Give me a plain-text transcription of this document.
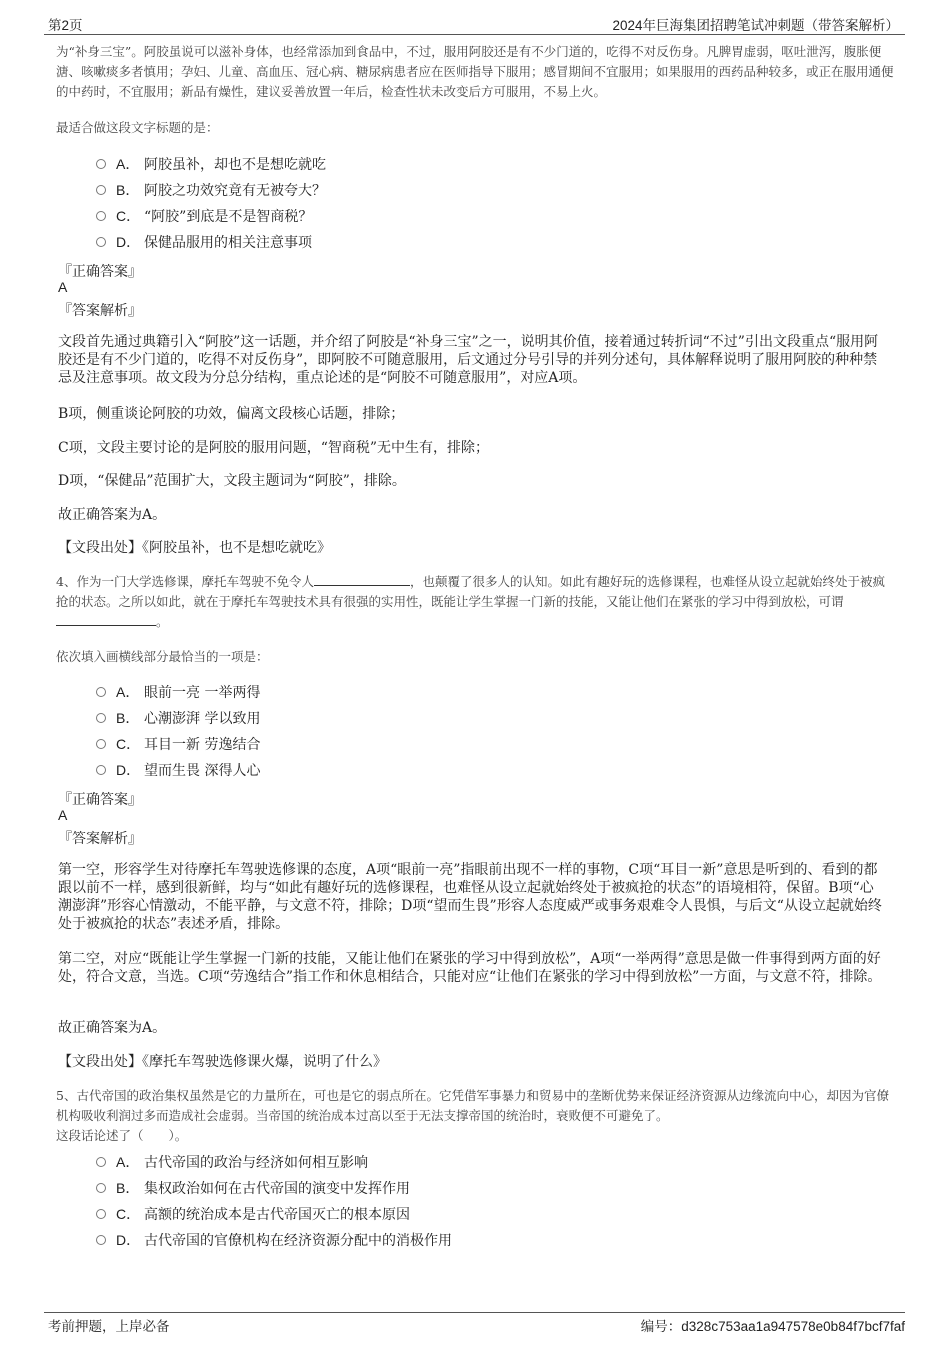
第2页	2024年巨海集团招聘笔试冲刺题（带答案解析）
为“补身三宝”。阿胶虽说可以滋补身体，也经常添加到食品中，不过，服用阿胶还是有不少门道的，吃得不对反伤身。凡脾胃虚弱，呕吐泄泻，腹胀便溏、咳嗽痰多者慎用；孕妇、儿童、高血压、冠心病、糖尿病患者应在医师指导下服用；感冒期间不宜服用；如果服用的西药品种较多，或正在服用通便的中药时，不宜服用；新品有燥性，建议妥善放置一年后，检查性状未改变后方可服用，不易上火。
最适合做这段文字标题的是：
A． 阿胶虽补，却也不是想吃就吃
B． 阿胶之功效究竟有无被夸大？
C． “阿胶”到底是不是智商税？
D． 保健品服用的相关注意事项
『正确答案』
A
『答案解析』
文段首先通过典籍引入“阿胶”这一话题，并介绍了阿胶是“补身三宝”之一，说明其价值，接着通过转折词“不过”引出文段重点“服用阿胶还是有不少门道的，吃得不对反伤身”，即阿胶不可随意服用，后文通过分号引导的并列分述句，具体解释说明了服用阿胶的种种禁忌及注意事项。故文段为分总分结构，重点论述的是“阿胶不可随意服用”，对应A项。
B项，侧重谈论阿胶的功效，偏离文段核心话题，排除；
C项，文段主要讨论的是阿胶的服用问题，“智商税”无中生有，排除；
D项，“保健品”范围扩大，文段主题词为“阿胶”，排除。
故正确答案为A。
【文段出处】《阿胶虽补，也不是想吃就吃》
4、作为一门大学选修课，摩托车驾驶不免令人	，也颠覆了很多人的认知。如此有趣好玩的选修课程，也难怪从设立起就始终处于被疯抢的状态。之所以如此，就在于摩托车驾驶技术具有很强的实用性，既能让学生掌握一门新的技能，又能让他们在紧张的学习中得到放松，可谓。
依次填入画横线部分最恰当的一项是：
A． 眼前一亮 一举两得
B． 心潮澎湃 学以致用
C． 耳目一新 劳逸结合
D． 望而生畏 深得人心
『正确答案』
A
『答案解析』
第一空，形容学生对待摩托车驾驶选修课的态度，A项“眼前一亮”指眼前出现不一样的事物，C项“耳目一新”意思是听到的、看到的都跟以前不一样，感到很新鲜，均与“如此有趣好玩的选修课程，也难怪从设立起就始终处于被疯抢的状态”的语境相符，保留。B项“心潮澎湃”形容心情激动，不能平静，与文意不符，排除；D项“望而生畏”形容人态度威严或事务艰难令人畏惧，与后文“从设立起就始终处于被疯抢的状态”表述矛盾，排除。
第二空，对应“既能让学生掌握一门新的技能，又能让他们在紧张的学习中得到放松”，A项“一举两得”意思是做一件事得到两方面的好处，符合文意，当选。C项“劳逸结合”指工作和休息相结合，只能对应“让他们在紧张的学习中得到放松”一方面，与文意不符，排除。
故正确答案为A。
【文段出处】《摩托车驾驶选修课火爆，说明了什么》
5、古代帝国的政治集权虽然是它的力量所在，可也是它的弱点所在。它凭借军事暴力和贸易中的垄断优势来保证经济资源从边缘流向中心，却因为官僚机构吸收利润过多而造成社会虚弱。当帝国的统治成本过高以至于无法支撑帝国的统治时，衰败便不可避免了。
这段话论述了（　　）。
A． 古代帝国的政治与经济如何相互影响
B． 集权政治如何在古代帝国的演变中发挥作用
C． 高额的统治成本是古代帝国灭亡的根本原因
D． 古代帝国的官僚机构在经济资源分配中的消极作用
考前押题，上岸必备	编号：d328c753aa1a947578e0b84f7bcf7faf
